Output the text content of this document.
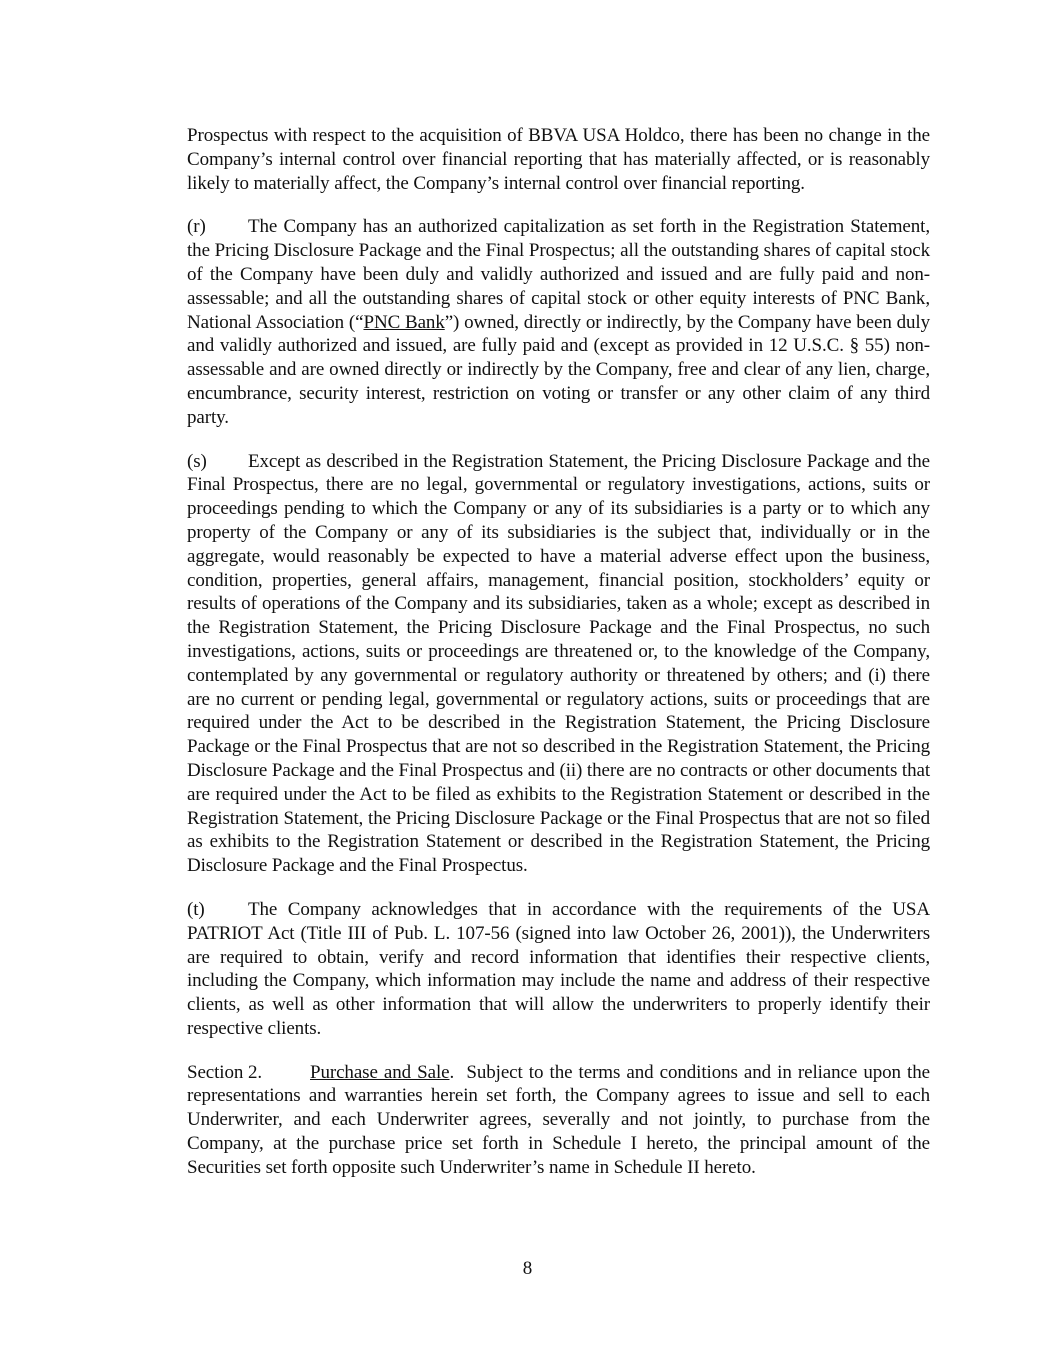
Prospectus with respect to the acquisition of BBVA USA Holdco, there has been no change in the Company’s internal control over financial reporting that has materially affected, or is reasonably likely to materially affect, the Company’s internal control over financial reporting.

(r) The Company has an authorized capitalization as set forth in the Registration Statement, the Pricing Disclosure Package and the Final Prospectus; all the outstanding shares of capital stock of the Company have been duly and validly authorized and issued and are fully paid and non-assessable; and all the outstanding shares of capital stock or other equity interests of PNC Bank, National Association (“PNC Bank”) owned, directly or indirectly, by the Company have been duly and validly authorized and issued, are fully paid and (except as provided in 12 U.S.C. § 55) non-assessable and are owned directly or indirectly by the Company, free and clear of any lien, charge, encumbrance, security interest, restriction on voting or transfer or any other claim of any third party.

(s) Except as described in the Registration Statement, the Pricing Disclosure Package and the Final Prospectus, there are no legal, governmental or regulatory investigations, actions, suits or proceedings pending to which the Company or any of its subsidiaries is a party or to which any property of the Company or any of its subsidiaries is the subject that, individually or in the aggregate, would reasonably be expected to have a material adverse effect upon the business, condition, properties, general affairs, management, financial position, stockholders’ equity or results of operations of the Company and its subsidiaries, taken as a whole; except as described in the Registration Statement, the Pricing Disclosure Package and the Final Prospectus, no such investigations, actions, suits or proceedings are threatened or, to the knowledge of the Company, contemplated by any governmental or regulatory authority or threatened by others; and (i) there are no current or pending legal, governmental or regulatory actions, suits or proceedings that are required under the Act to be described in the Registration Statement, the Pricing Disclosure Package or the Final Prospectus that are not so described in the Registration Statement, the Pricing Disclosure Package and the Final Prospectus and (ii) there are no contracts or other documents that are required under the Act to be filed as exhibits to the Registration Statement or described in the Registration Statement, the Pricing Disclosure Package or the Final Prospectus that are not so filed as exhibits to the Registration Statement or described in the Registration Statement, the Pricing Disclosure Package and the Final Prospectus.

(t) The Company acknowledges that in accordance with the requirements of the USA PATRIOT Act (Title III of Pub. L. 107-56 (signed into law October 26, 2001)), the Underwriters are required to obtain, verify and record information that identifies their respective clients, including the Company, which information may include the name and address of their respective clients, as well as other information that will allow the underwriters to properly identify their respective clients.

Section 2.	Purchase and Sale. Subject to the terms and conditions and in reliance upon the representations and warranties herein set forth, the Company agrees to issue and sell to each Underwriter, and each Underwriter agrees, severally and not jointly, to purchase from the Company, at the purchase price set forth in Schedule I hereto, the principal amount of the Securities set forth opposite such Underwriter’s name in Schedule II hereto.

8
